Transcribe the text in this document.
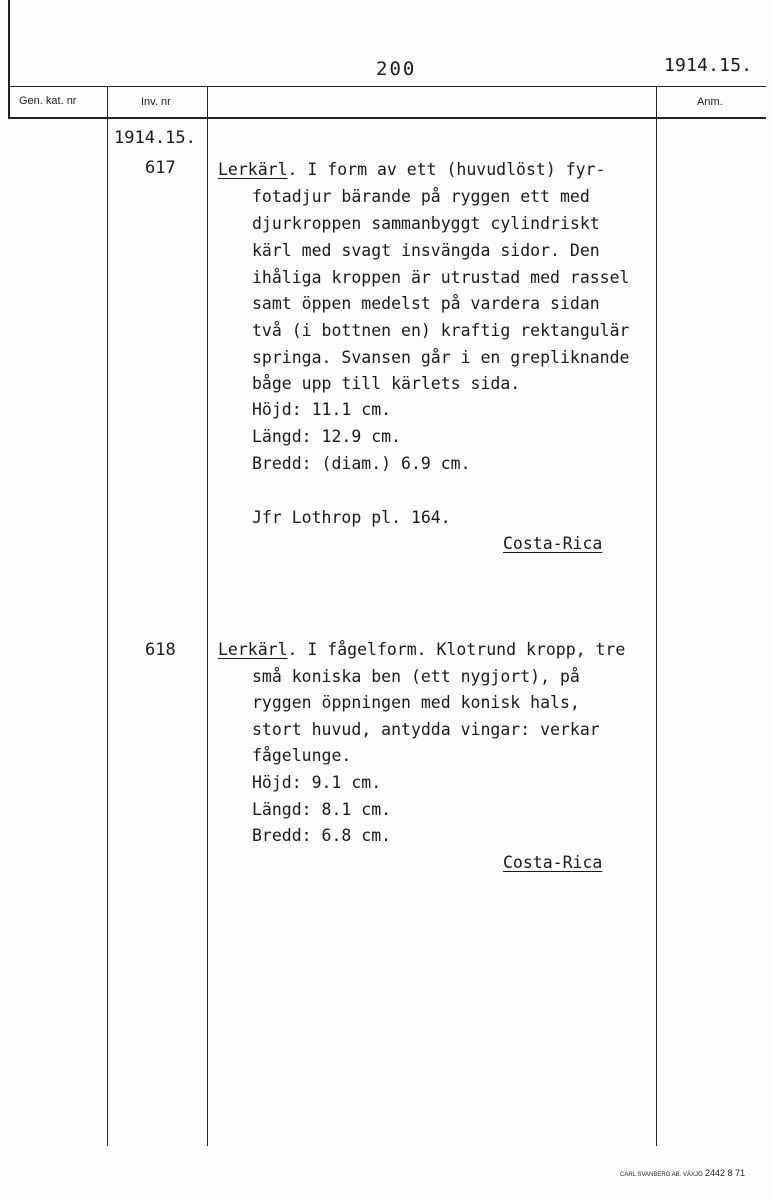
200	1914.15.
Gen. kat. nr	Inv. nr	Anm.
1914.15.
617	Lerkärl. I form av ett (huvudlöst) fyr-
fotadjur bärande på ryggen ett med
djurkroppen sammanbyggt cylindriskt
kärl med svagt insvängda sidor. Den
ihåliga kroppen är utrustad med rassel
samt öppen medelst på vardera sidan
två (i bottnen en) kraftig rektangulär
springa. Svansen går i en grepliknande
båge upp till kärlets sida.
Höjd: 11.1 cm.
Längd: 12.9 cm.
Bredd: (diam.) 6.9 cm.
Jfr Lothrop pl. 164.
Costa-Rica
618	Lerkärl. I fågelform. Klotrund kropp, tre
små koniska ben (ett nygjort), på
ryggen öppningen med konisk hals,
stort huvud, antydda vingar: verkar
fågelunge.
Höjd: 9.1 cm.
Längd: 8.1 cm.
Bredd: 6.8 cm.
Costa-Rica
CARL SVANBERG AB. VÄXJÖ 2442 8 71
